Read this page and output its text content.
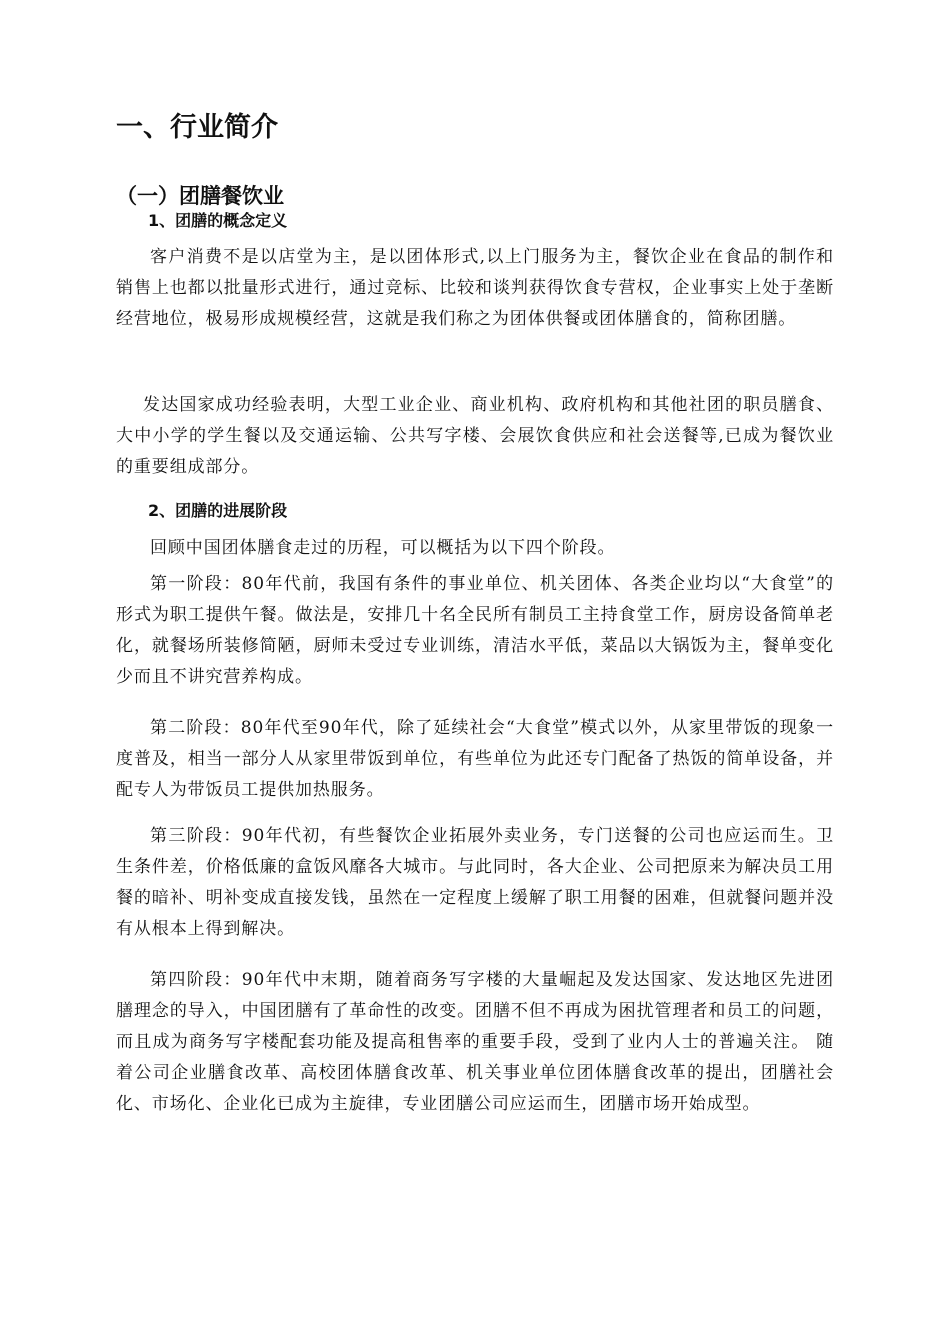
一、行业简介
（一）团膳餐饮业
1、团膳的概念定义

客户消费不是以店堂为主，是以团体形式,以上门服务为主，餐饮企业在食品的制作和销售上也都以批量形式进行，通过竞标、比较和谈判获得饮食专营权，企业事实上处于垄断经营地位，极易形成规模经营，这就是我们称之为团体供餐或团体膳食的，简称团膳。

发达国家成功经验表明，大型工业企业、商业机构、政府机构和其他社团的职员膳食、大中小学的学生餐以及交通运输、公共写字楼、会展饮食供应和社会送餐等,已成为餐饮业的重要组成部分。

2、团膳的进展阶段

回顾中国团体膳食走过的历程，可以概括为以下四个阶段。

第一阶段：80年代前，我国有条件的事业单位、机关团体、各类企业均以“大食堂”的形式为职工提供午餐。做法是，安排几十名全民所有制员工主持食堂工作，厨房设备简单老化，就餐场所装修简陋，厨师未受过专业训练，清洁水平低，菜品以大锅饭为主，餐单变化少而且不讲究营养构成。

第二阶段：80年代至90年代，除了延续社会“大食堂”模式以外，从家里带饭的现象一度普及，相当一部分人从家里带饭到单位，有些单位为此还专门配备了热饭的简单设备，并配专人为带饭员工提供加热服务。

第三阶段：90年代初，有些餐饮企业拓展外卖业务，专门送餐的公司也应运而生。卫生条件差，价格低廉的盒饭风靡各大城市。与此同时，各大企业、公司把原来为解决员工用餐的暗补、明补变成直接发钱，虽然在一定程度上缓解了职工用餐的困难，但就餐问题并没有从根本上得到解决。

第四阶段：90年代中末期，随着商务写字楼的大量崛起及发达国家、发达地区先进团膳理念的导入，中国团膳有了革命性的改变。团膳不但不再成为困扰管理者和员工的问题，而且成为商务写字楼配套功能及提高租售率的重要手段，受到了业内人士的普遍关注。 随着公司企业膳食改革、高校团体膳食改革、机关事业单位团体膳食改革的提出，团膳社会化、市场化、企业化已成为主旋律，专业团膳公司应运而生，团膳市场开始成型。
